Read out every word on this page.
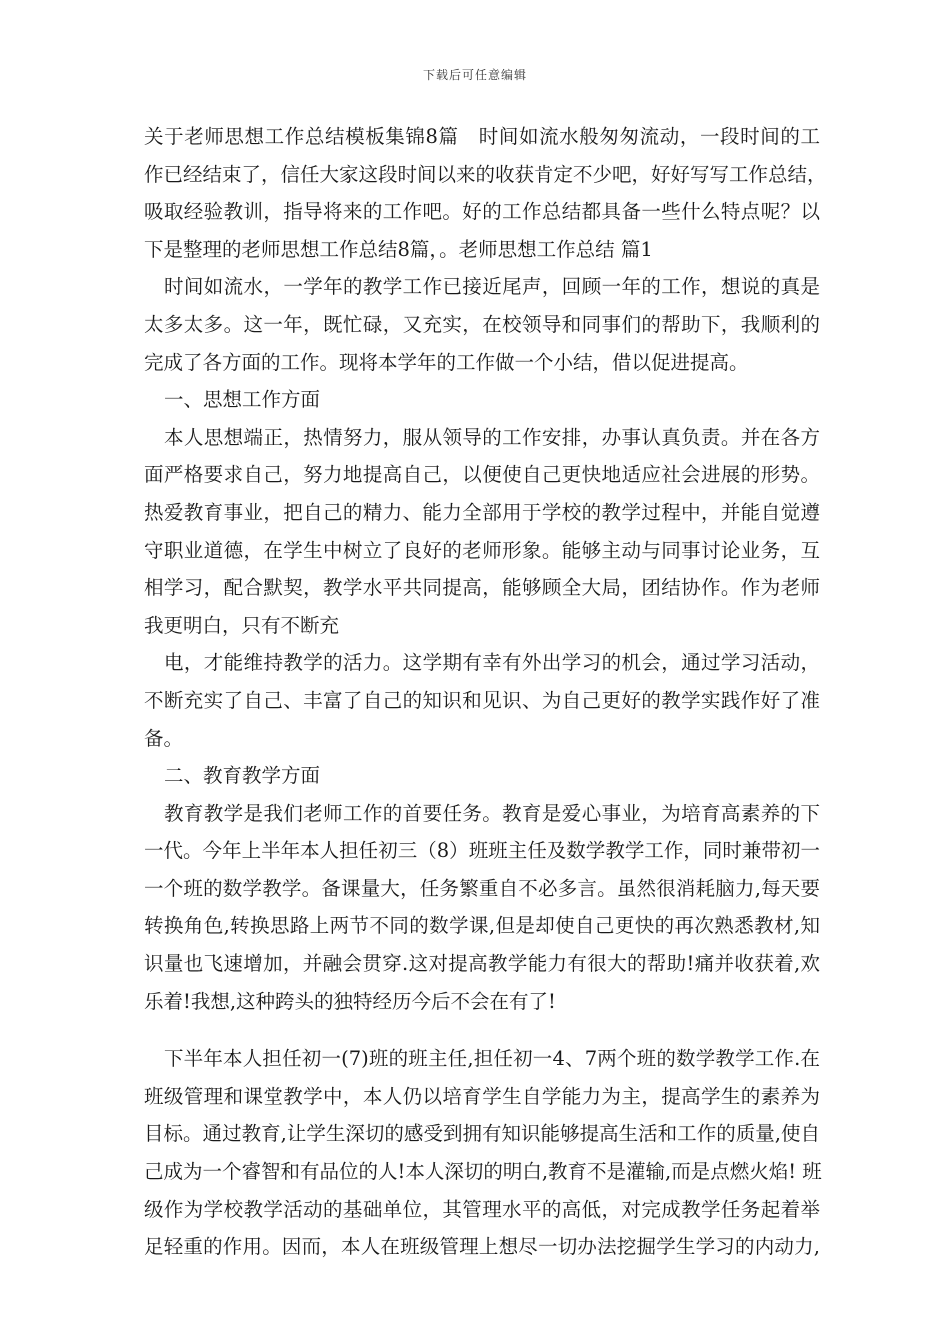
下载后可任意编辑
关于老师思想工作总结模板集锦8篇　时间如流水般匆匆流动，一段时间的工
作已经结束了，信任大家这段时间以来的收获肯定不少吧，好好写写工作总结，
吸取经验教训，指导将来的工作吧。好的工作总结都具备一些什么特点呢？以
下是整理的老师思想工作总结8篇，。老师思想工作总结 篇1
时间如流水，一学年的教学工作已接近尾声，回顾一年的工作，想说的真是
太多太多。这一年，既忙碌，又充实，在校领导和同事们的帮助下，我顺利的
完成了各方面的工作。现将本学年的工作做一个小结，借以促进提高。
一、思想工作方面
本人思想端正，热情努力，服从领导的工作安排，办事认真负责。并在各方
面严格要求自己，努力地提高自己，以便使自己更快地适应社会进展的形势。
热爱教育事业，把自己的精力、能力全部用于学校的教学过程中，并能自觉遵
守职业道德，在学生中树立了良好的老师形象。能够主动与同事讨论业务，互
相学习，配合默契，教学水平共同提高，能够顾全大局，团结协作。作为老师
我更明白，只有不断充
电，才能维持教学的活力。这学期有幸有外出学习的机会，通过学习活动，
不断充实了自己、丰富了自己的知识和见识、为自己更好的教学实践作好了准
备。
二、教育教学方面
教育教学是我们老师工作的首要任务。教育是爱心事业，为培育高素养的下
一代。今年上半年本人担任初三（8）班班主任及数学教学工作，同时兼带初一
一个班的数学教学。备课量大，任务繁重自不必多言。虽然很消耗脑力,每天要
转换角色,转换思路上两节不同的数学课,但是却使自己更快的再次熟悉教材,知
识量也飞速增加，并融会贯穿.这对提高教学能力有很大的帮助!痛并收获着,欢
乐着!我想,这种跨头的独特经历今后不会在有了!
下半年本人担任初一(7)班的班主任,担任初一4、7两个班的数学教学工作.在
班级管理和课堂教学中，本人仍以培育学生自学能力为主，提高学生的素养为
目标。通过教育,让学生深切的感受到拥有知识能够提高生活和工作的质量,使自
己成为一个睿智和有品位的人!本人深切的明白,教育不是灌输,而是点燃火焰! 班
级作为学校教学活动的基础单位，其管理水平的高低，对完成教学任务起着举
足轻重的作用。因而，本人在班级管理上想尽一切办法挖掘学生学习的内动力,
